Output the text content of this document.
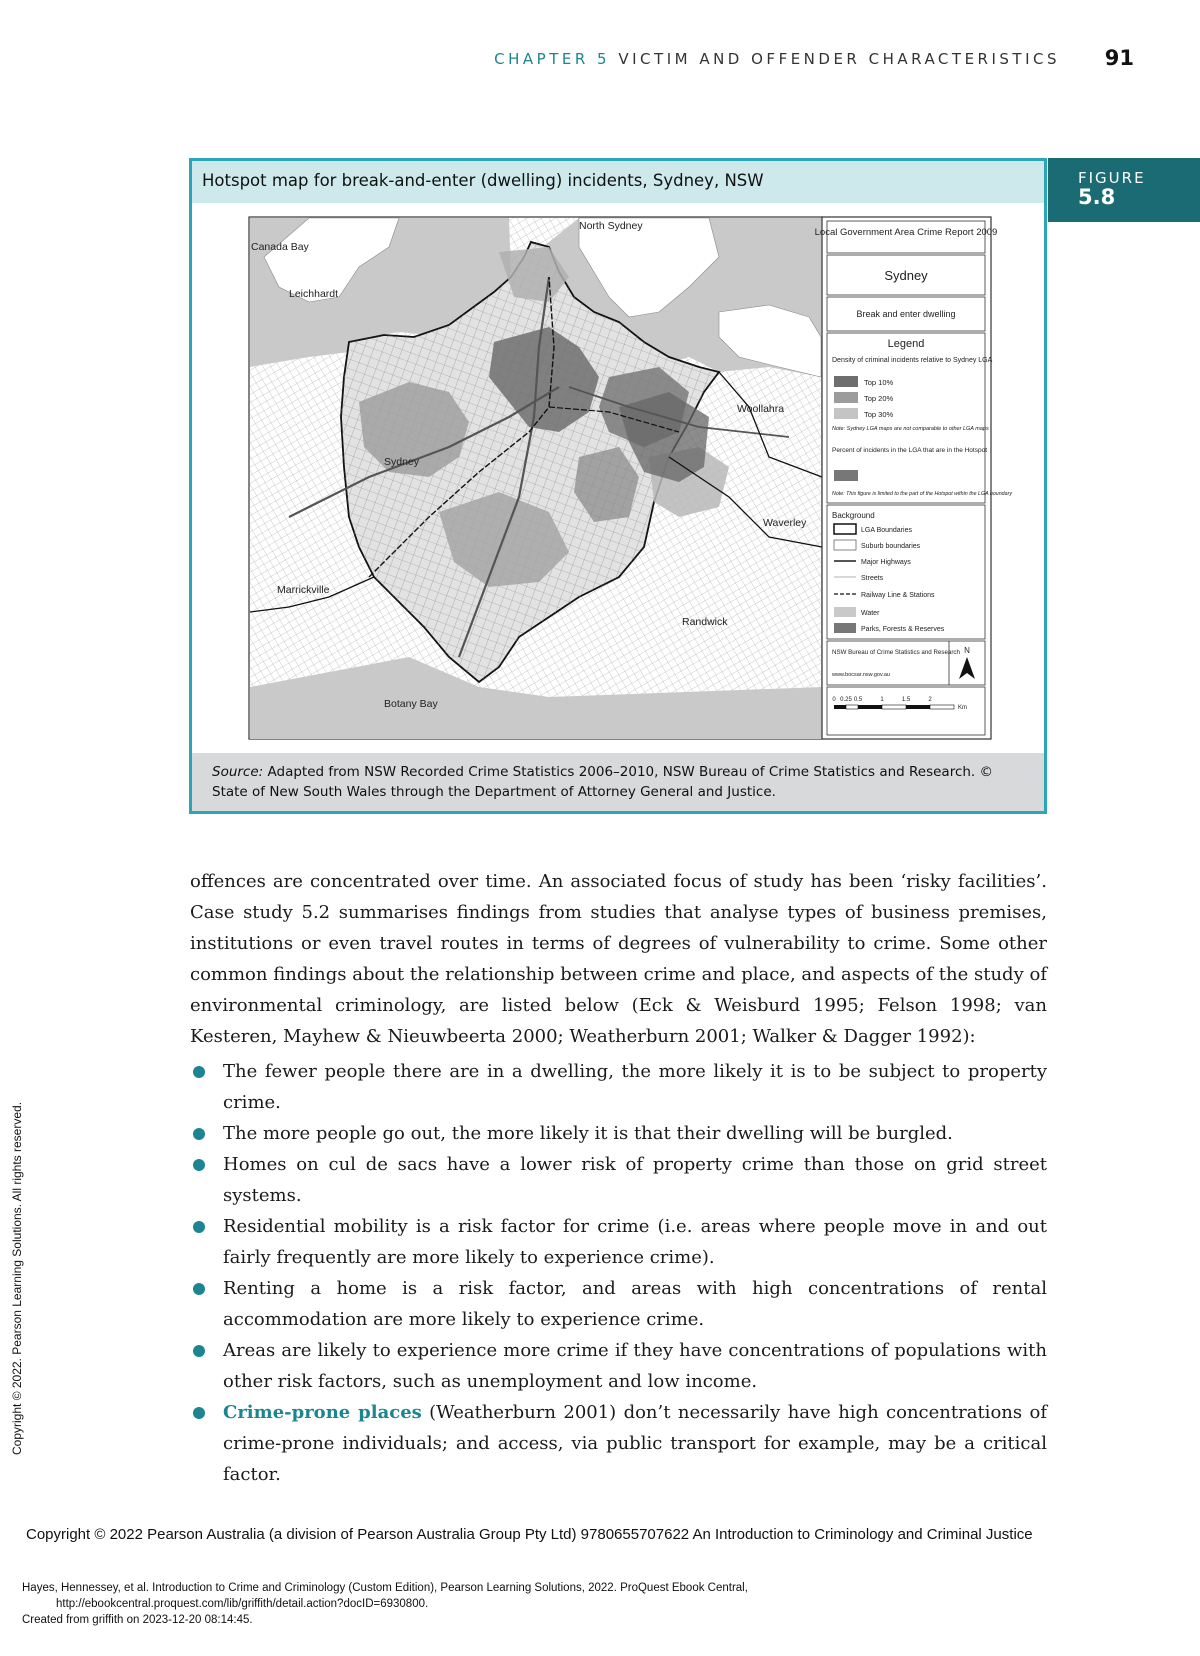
CHAPTER 5 VICTIM AND OFFENDER CHARACTERISTICS 91
FIGURE
5.8
Hotspot map for break-and-enter (dwelling) incidents, Sydney, NSW
North Sydney
Canada Bay
Leichhardt
Woollahra
Sydney
Waverley
Marrickville
Randwick
Botany Bay
Local Government Area Crime Report 2009
Sydney
Break and enter dwelling
Legend
Density of criminal incidents relative to Sydney LGA
Top 10%
Top 20%
Top 30%
Note: Sydney LGA maps are not comparable to other LGA maps
Percent of incidents in the LGA that are in the Hotspot
Note: This figure is limited to the part of the Hotspot within the LGA boundary
Background
LGA Boundaries
Suburb boundaries
Major Highways
Streets
Railway Line & Stations
Water
Parks, Forests & Reserves
NSW Bureau of Crime Statistics and Research
www.bocsar.nsw.gov.au
N
0 0.25 0.5	1	1.5	2
Km
Source: Adapted from NSW Recorded Crime Statistics 2006–2010, NSW Bureau of Crime Statistics and Research. © State of New South Wales through the Department of Attorney General and Justice.

offences are concentrated over time. An associated focus of study has been ‘risky facilities’. Case study 5.2 summarises findings from studies that analyse types of business premises, institutions or even travel routes in terms of degrees of vulnerability to crime. Some other common findings about the relationship between crime and place, and aspects of the study of environmental criminology, are listed below (Eck & Weisburd 1995; Felson 1998; van Kesteren, Mayhew & Nieuwbeerta 2000; Weatherburn 2001; Walker & Dagger 1992):

The fewer people there are in a dwelling, the more likely it is to be subject to property crime.
The more people go out, the more likely it is that their dwelling will be burgled.
Homes on cul de sacs have a lower risk of property crime than those on grid street systems.
Residential mobility is a risk factor for crime (i.e. areas where people move in and out fairly frequently are more likely to experience crime).
Renting a home is a risk factor, and areas with high concentrations of rental accommodation are more likely to experience crime.
Areas are likely to experience more crime if they have concentrations of populations with other risk factors, such as unemployment and low income.
Crime-prone places (Weatherburn 2001) don’t necessarily have high concentrations of crime-prone individuals; and access, via public transport for example, may be a critical factor.
Copyright © 2022. Pearson Learning Solutions. All rights reserved.
Copyright © 2022 Pearson Australia (a division of Pearson Australia Group Pty Ltd) 9780655707622 An Introduction to Criminology and Criminal Justice
Hayes, Hennessey, et al. Introduction to Crime and Criminology (Custom Edition), Pearson Learning Solutions, 2022. ProQuest Ebook Central,
http://ebookcentral.proquest.com/lib/griffith/detail.action?docID=6930800.
Created from griffith on 2023-12-20 08:14:45.
